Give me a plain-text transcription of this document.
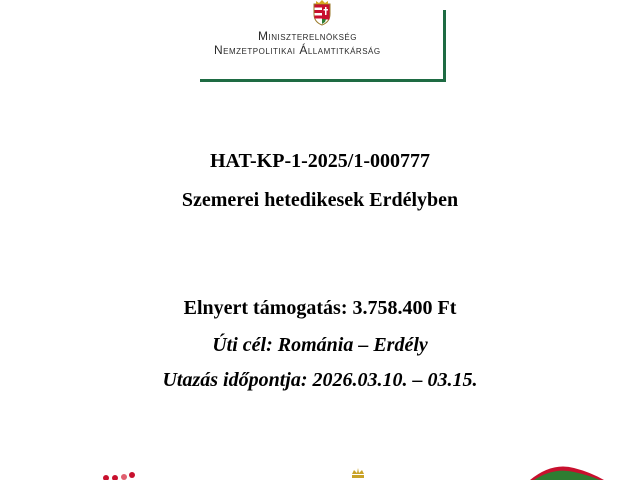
Miniszterelnökség
Nemzetpolitikai Államtitkárság
HAT-KP-1-2025/1-000777
Szemerei hetedikesek Erdélyben
Elnyert támogatás: 3.758.400 Ft
Úti cél: Románia – Erdély
Utazás időpontja: 2026.03.10. – 03.15.
